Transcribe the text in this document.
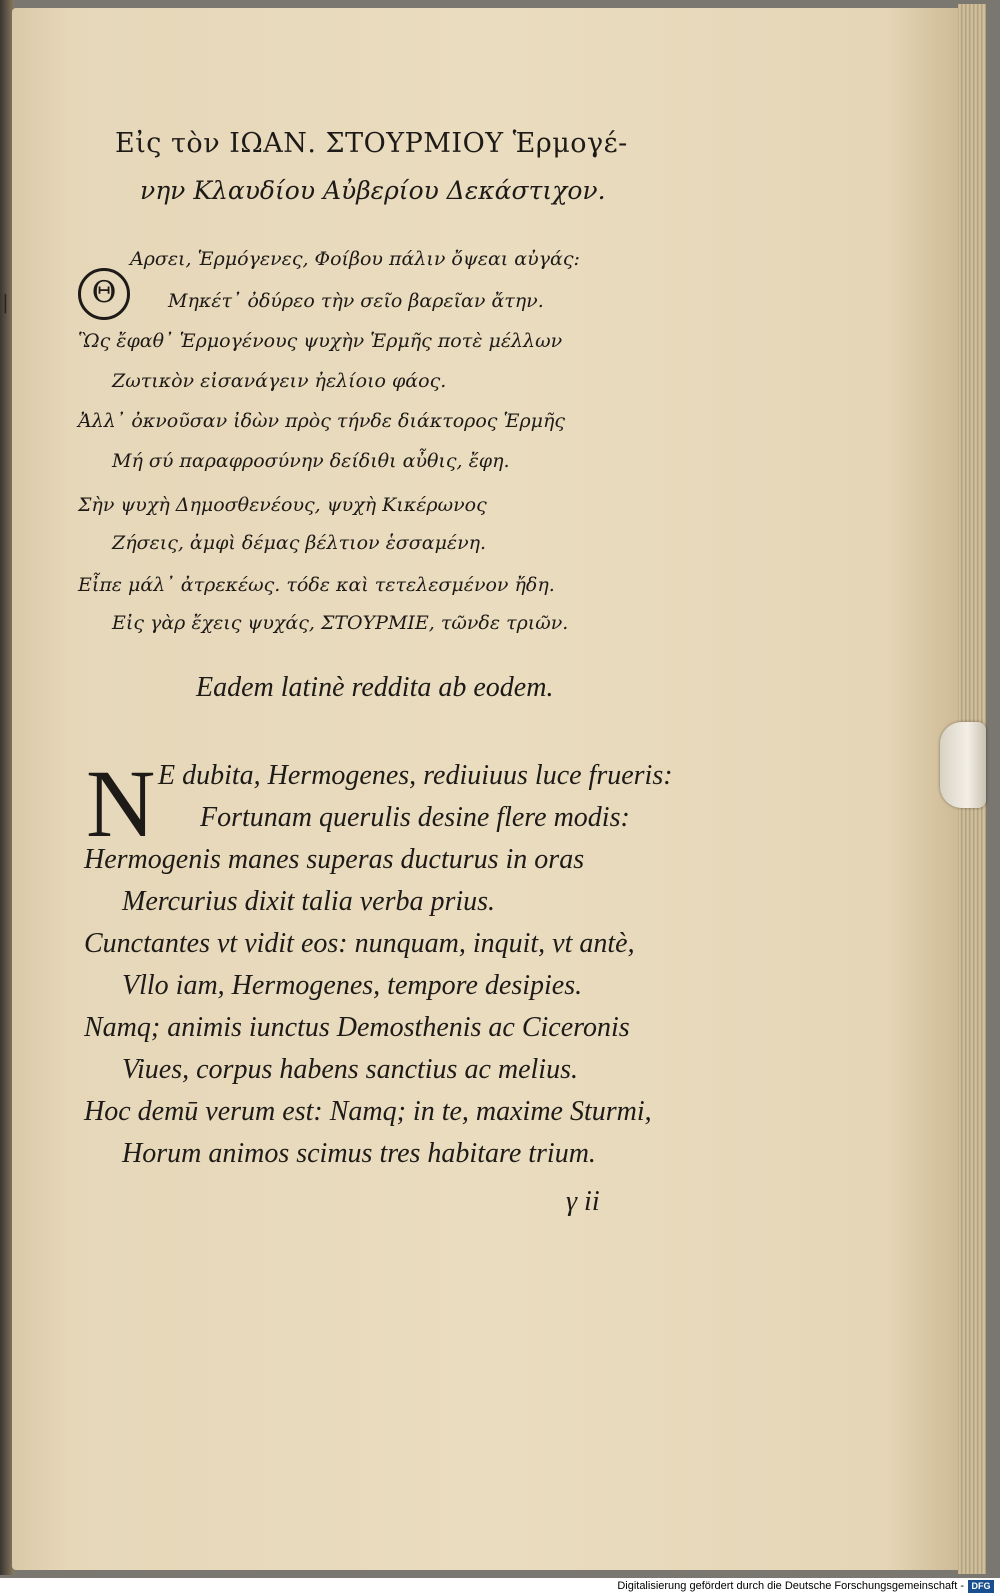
|
Εἰς τὸν ΙΩΑΝ. ΣΤΟΥΡΜΙΟΥ Ἑρμογέ-
νην Κλαυδίου Αὐβερίου Δεκάστιχον.
Θ
Αρσει, Ἑρμόγενες, Φοίβου πάλιν ὄψεαι αὐγάς:
Μηκέτ᾽ ὀδύρεο τὴν σεῖο βαρεῖαν ἄτην.
Ὣς ἔφαθ᾽ Ἑρμογένους ψυχὴν Ἑρμῆς ποτὲ μέλλων
Ζωτικὸν εἰσανάγειν ἠελίοιο φάος.
Ἀλλ᾽ ὀκνοῦσαν ἰδὼν πρὸς τήνδε διάκτορος Ἑρμῆς
Μή σύ παραφροσύνην δείδιθι αὖθις, ἔφη.
Σὴν ψυχὴ Δημοσθενέους, ψυχὴ Κικέρωνος
Ζήσεις, ἀμφὶ δέμας βέλτιον ἑσσαμένη.
Εἶπε μάλ᾽ ἀτρεκέως. τόδε καὶ τετελεσμένον ἤδη.
Εἰς γὰρ ἔχεις ψυχάς, ΣΤΟΥΡΜΙΕ, τῶνδε τριῶν.
Eadem latinè reddita ab eodem.
N E dubita, Hermogenes, rediuiuus luce frueris:
Fortunam querulis desine flere modis:
Hermogenis manes superas ducturus in oras
Mercurius dixit talia verba prius.
Cunctantes vt vidit eos: nunquam, inquit, vt antè,
Vllo iam, Hermogenes, tempore desipies.
Namq; animis iunctus Demosthenis ac Ciceronis
Viues, corpus habens sanctius ac melius.
Hoc demū verum est: Namq; in te, maxime Sturmi,
Horum animos scimus tres habitare trium.
γ ii
Digitalisierung gefördert durch die Deutsche Forschungsgemeinschaft - DFG
